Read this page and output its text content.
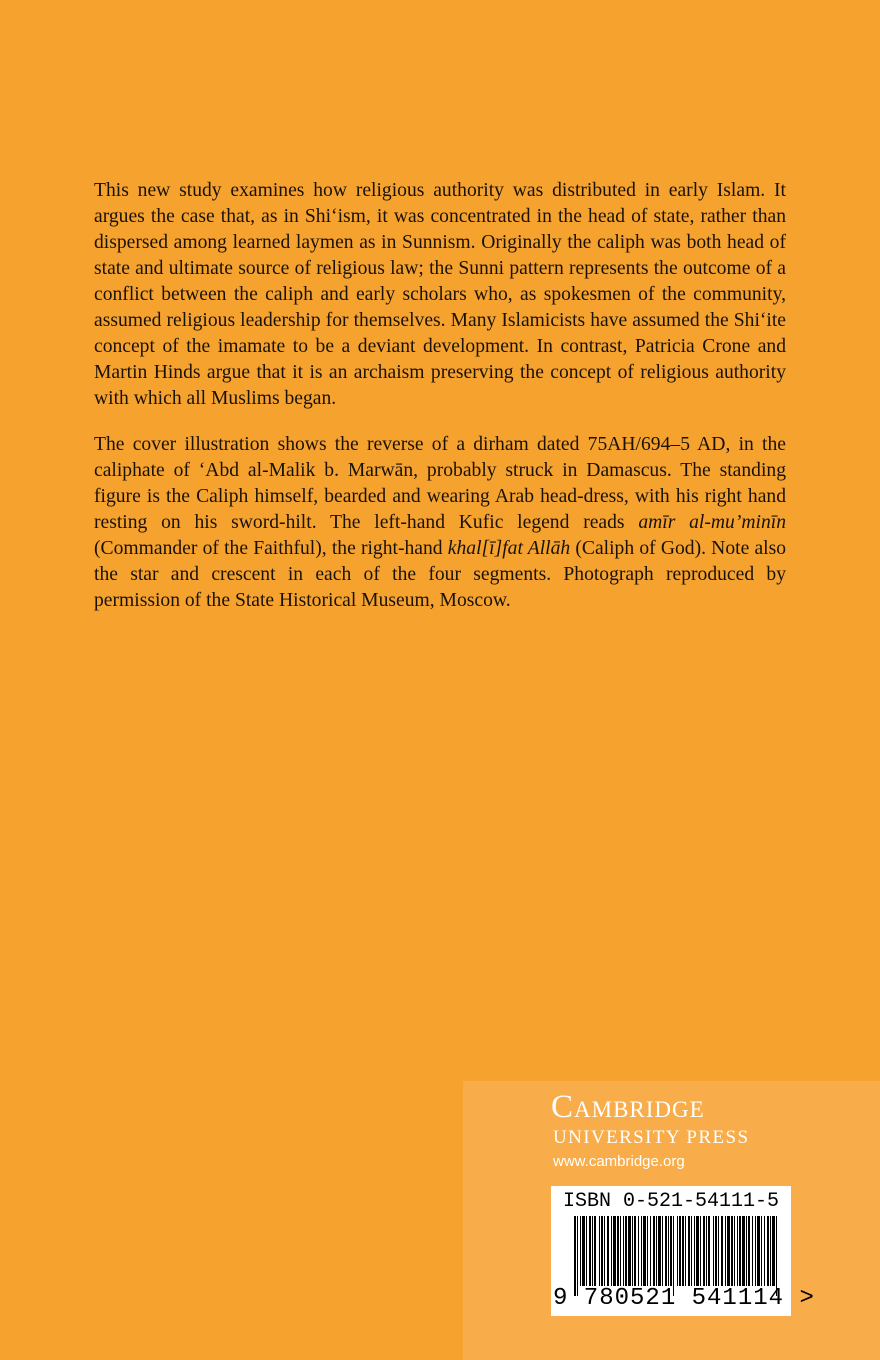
This new study examines how religious authority was distributed in early Islam. It argues the case that, as in Shi‘ism, it was concentrated in the head of state, rather than dispersed among learned laymen as in Sunnism. Originally the caliph was both head of state and ultimate source of religious law; the Sunni pattern represents the outcome of a conflict between the caliph and early scholars who, as spokesmen of the community, assumed religious leadership for themselves. Many Islamicists have assumed the Shi‘ite concept of the imamate to be a deviant development. In contrast, Patricia Crone and Martin Hinds argue that it is an archaism preserving the concept of religious authority with which all Muslims began.

The cover illustration shows the reverse of a dirham dated 75AH/694–5 AD, in the caliphate of ‘Abd al-Malik b. Marwān, probably struck in Damascus. The standing figure is the Caliph himself, bearded and wearing Arab head-dress, with his right hand resting on his sword-hilt. The left-hand Kufic legend reads amīr al-mu’minīn (Commander of the Faithful), the right-hand khal[ī]fat Allāh (Caliph of God). Note also the star and crescent in each of the four segments. Photograph reproduced by permission of the State Historical Museum, Moscow.

Cambridge
UNIVERSITY PRESS
www.cambridge.org
ISBN 0-521-54111-5
9 780521 541114 >
